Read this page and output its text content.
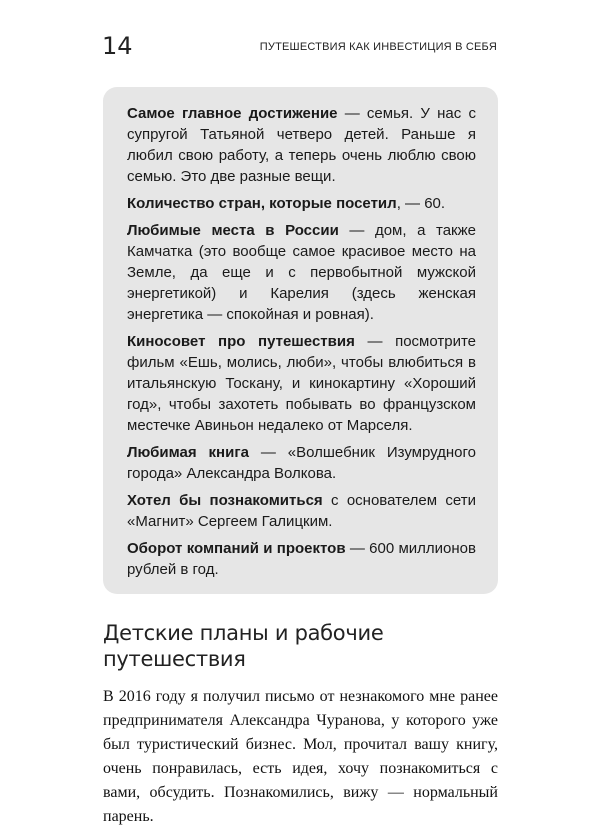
14	ПУТЕШЕСТВИЯ КАК ИНВЕСТИЦИЯ В СЕБЯ

Самое главное достижение — семья. У нас с супругой Татьяной четверо детей. Раньше я любил свою работу, а теперь очень люблю свою семью. Это две разные вещи.

Количество стран, которые посетил, — 60.

Любимые места в России — дом, а также Камчатка (это вообще самое красивое место на Земле, да еще и с первобытной мужской энергетикой) и Карелия (здесь женская энергетика — спокойная и ровная).

Киносовет про путешествия — посмотрите фильм «Ешь, молись, люби», чтобы влюбиться в итальянскую Тоскану, и кинокартину «Хороший год», чтобы захотеть побывать во французском местечке Авиньон недалеко от Марселя.

Любимая книга — «Волшебник Изумрудного города» Александра Волкова.

Хотел бы познакомиться с основателем сети «Магнит» Сергеем Галицким.

Оборот компаний и проектов — 600 миллионов рублей в год.

Детские планы и рабочие путешествия
В 2016 году я получил письмо от незнакомого мне ранее предпринимателя Александра Чуранова, у которого уже был туристический бизнес. Мол, прочитал вашу книгу, очень понравилась, есть идея, хочу познакомиться с вами, обсудить. Познакомились, вижу — нормальный парень.
